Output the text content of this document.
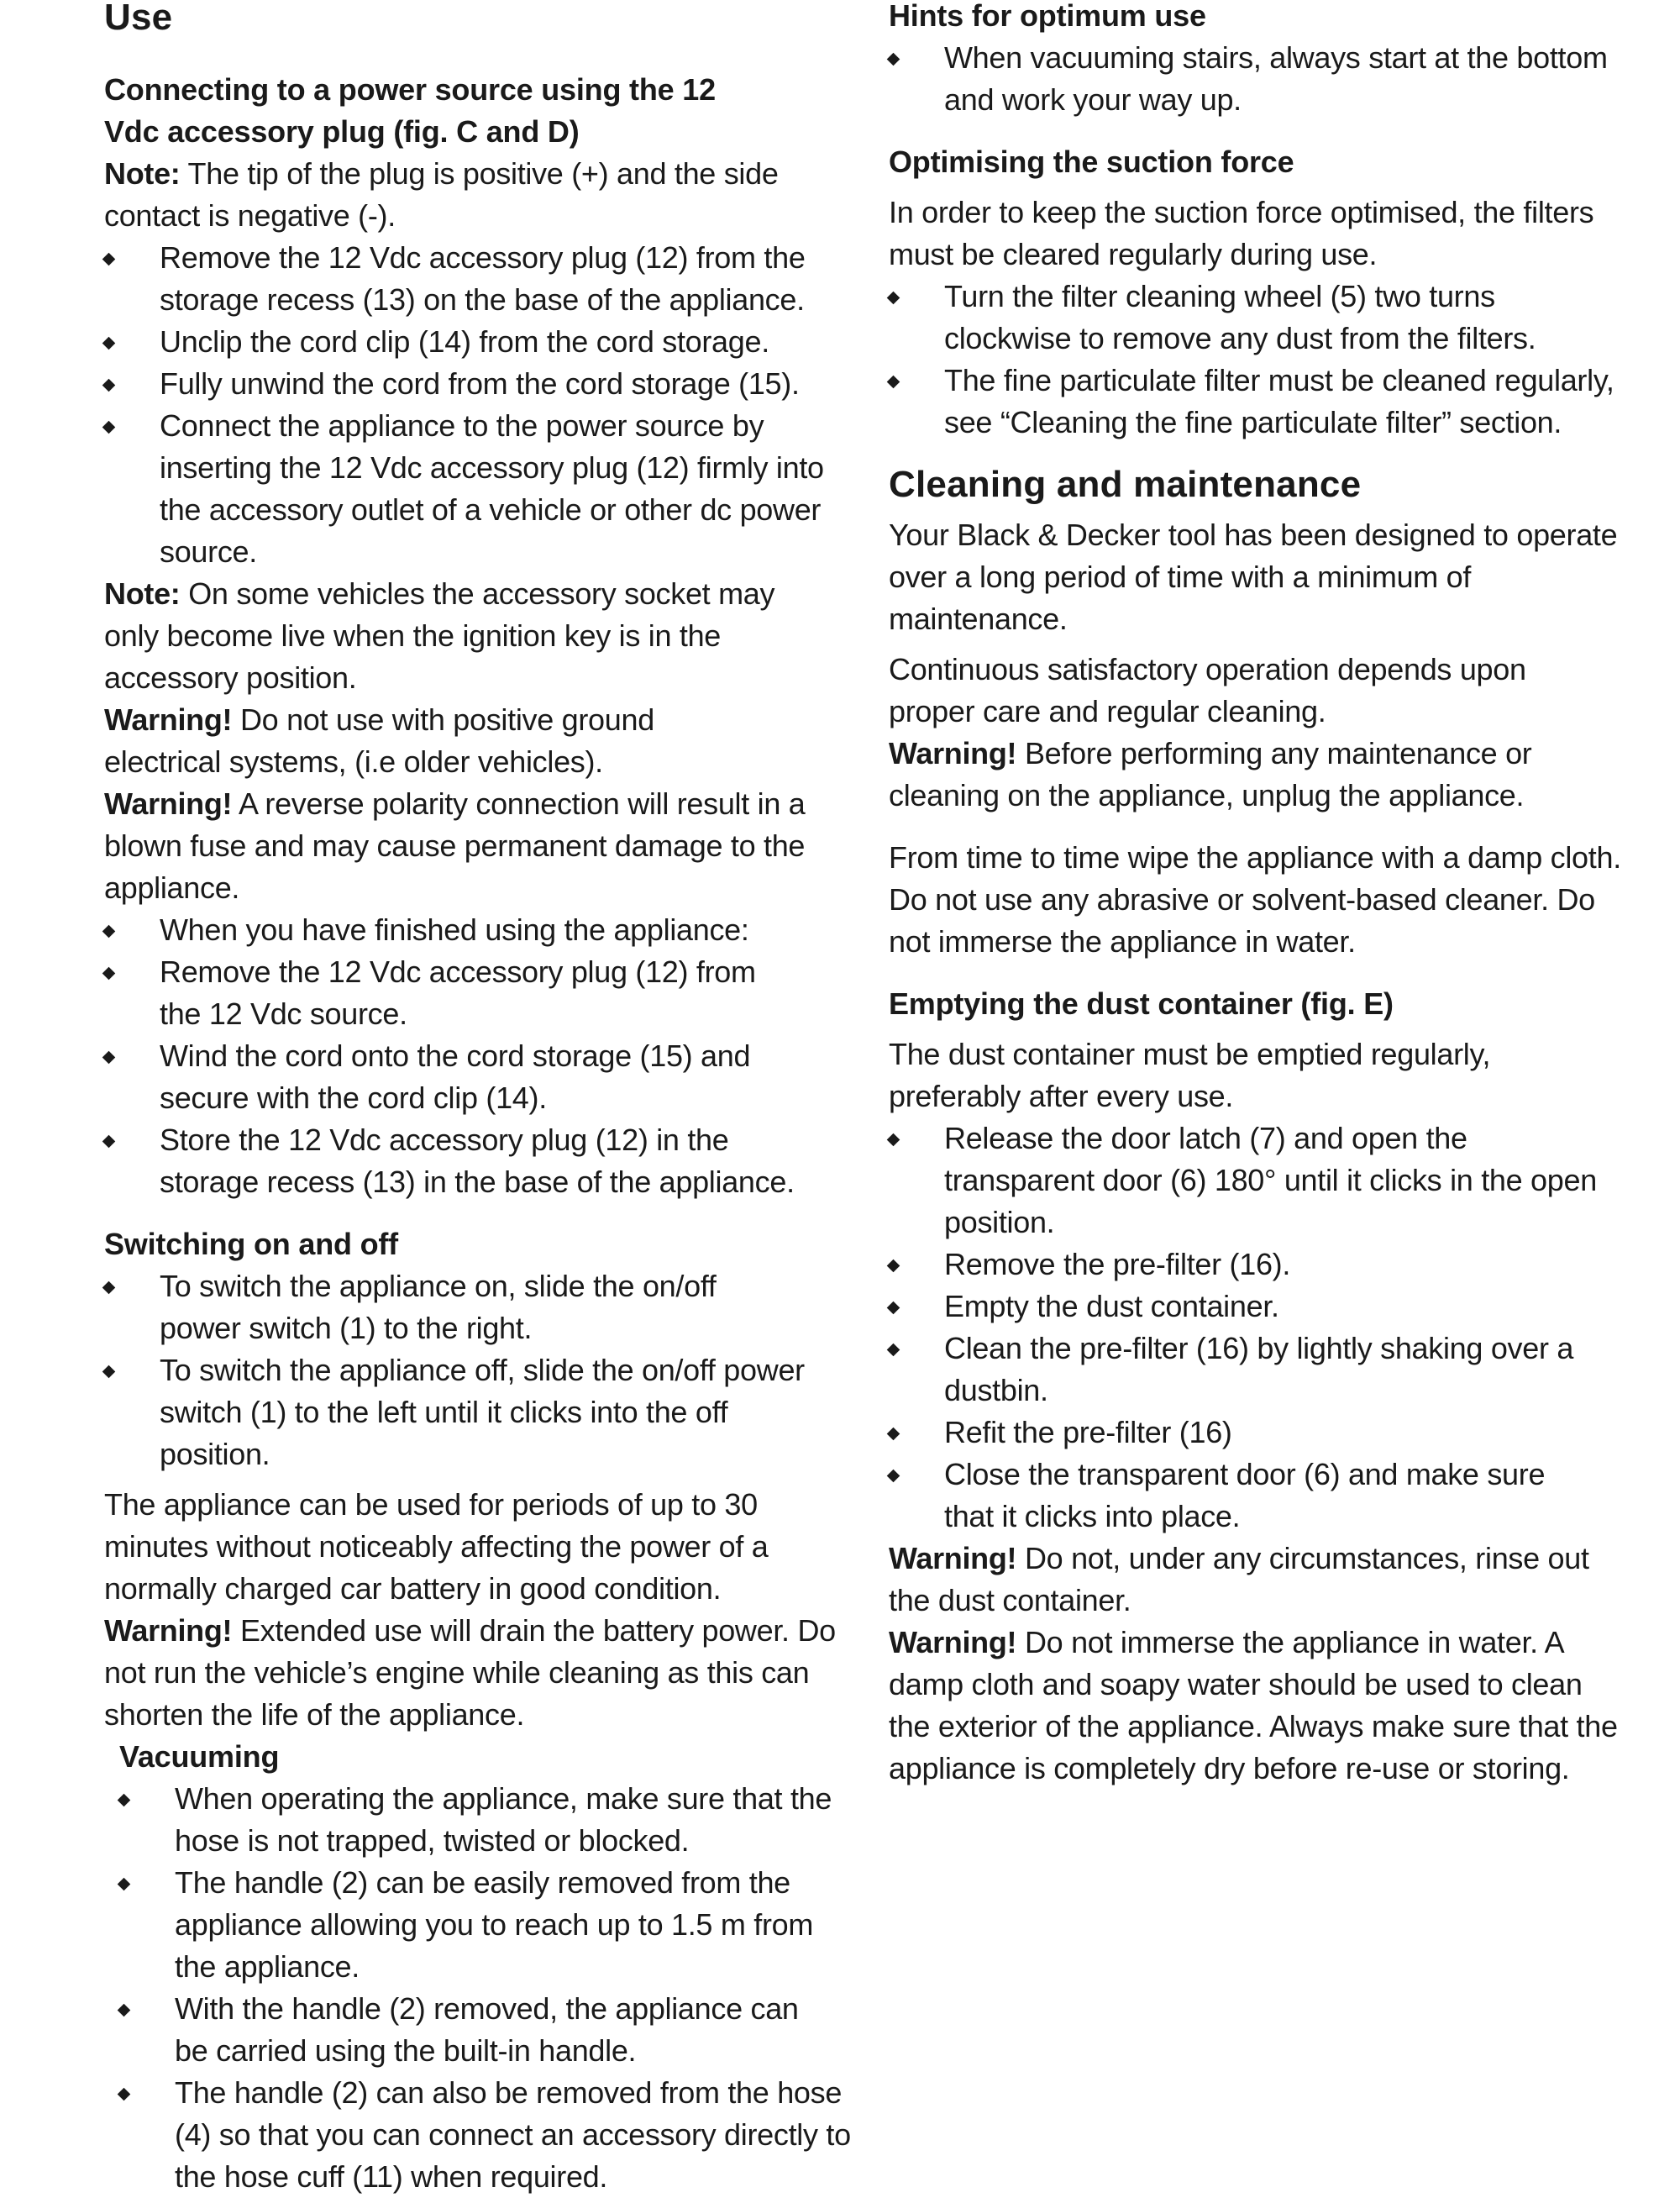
Use
Connecting to a power source using the 12 Vdc accessory plug (fig. C and D)

Note: The tip of the plug is positive (+) and the side contact is negative (-).

Remove the 12 Vdc accessory plug (12) from the storage recess (13) on the base of the appliance.
Unclip the cord clip (14) from the cord storage.
Fully unwind the cord from the cord storage (15).
Connect the appliance to the power source by inserting the 12 Vdc accessory plug (12) firmly into the accessory outlet of a vehicle or other dc power source.

Note: On some vehicles the accessory socket may only become live when the ignition key is in the accessory position.

Warning! Do not use with positive ground electrical systems, (i.e older vehicles).

Warning! A reverse polarity connection will result in a blown fuse and may cause permanent damage to the appliance.

When you have finished using the appliance:
Remove the 12 Vdc accessory plug (12) from the 12 Vdc source.
Wind the cord onto the cord storage (15) and secure with the cord clip (14).
Store the 12 Vdc accessory plug (12) in the storage recess (13) in the base of the appliance.
Switching on and off
To switch the appliance on, slide the on/off power switch (1) to the right.
To switch the appliance off, slide the on/off power switch (1) to the left until it clicks into the off position.

The appliance can be used for periods of up to 30 minutes without noticeably affecting the power of a normally charged car battery in good condition.

Warning! Extended use will drain the battery power. Do not run the vehicle’s engine while cleaning as this can shorten the life of the appliance.

Vacuuming
When operating the appliance, make sure that the hose is not trapped, twisted or blocked.
The handle (2) can be easily removed from the appliance allowing you to reach up to 1.5 m from the appliance.
With the handle (2) removed, the appliance can be carried using the built-in handle.
The handle (2) can also be removed from the hose (4) so that you can connect an accessory directly to the hose cuff (11) when required.
Hints for optimum use
When vacuuming stairs, always start at the bottom and work your way up.
Optimising the suction force

In order to keep the suction force optimised, the filters must be cleared regularly during use.

Turn the filter cleaning wheel (5) two turns clockwise to remove any dust from the filters.
The fine particulate filter must be cleaned regularly, see “Cleaning the fine particulate filter” section.
Cleaning and maintenance

Your Black & Decker tool has been designed to operate over a long period of time with a minimum of maintenance.

Continuous satisfactory operation depends upon proper care and regular cleaning.

Warning! Before performing any maintenance or cleaning on the appliance, unplug the appliance.

From time to time wipe the appliance with a damp cloth. Do not use any abrasive or solvent-based cleaner. Do not immerse the appliance in water.

Emptying the dust container (fig. E)

The dust container must be emptied regularly, preferably after every use.

Release the door latch (7) and open the transparent door (6) 180° until it clicks in the open position.
Remove the pre-filter (16).
Empty the dust container.
Clean the pre-filter (16) by lightly shaking over a dustbin.
Refit the pre-filter (16)
Close the transparent door (6) and make sure that it clicks into place.

Warning! Do not, under any circumstances, rinse out the dust container.

Warning! Do not immerse the appliance in water. A damp cloth and soapy water should be used to clean the exterior of the appliance. Always make sure that the appliance is completely dry before re-use or storing.
